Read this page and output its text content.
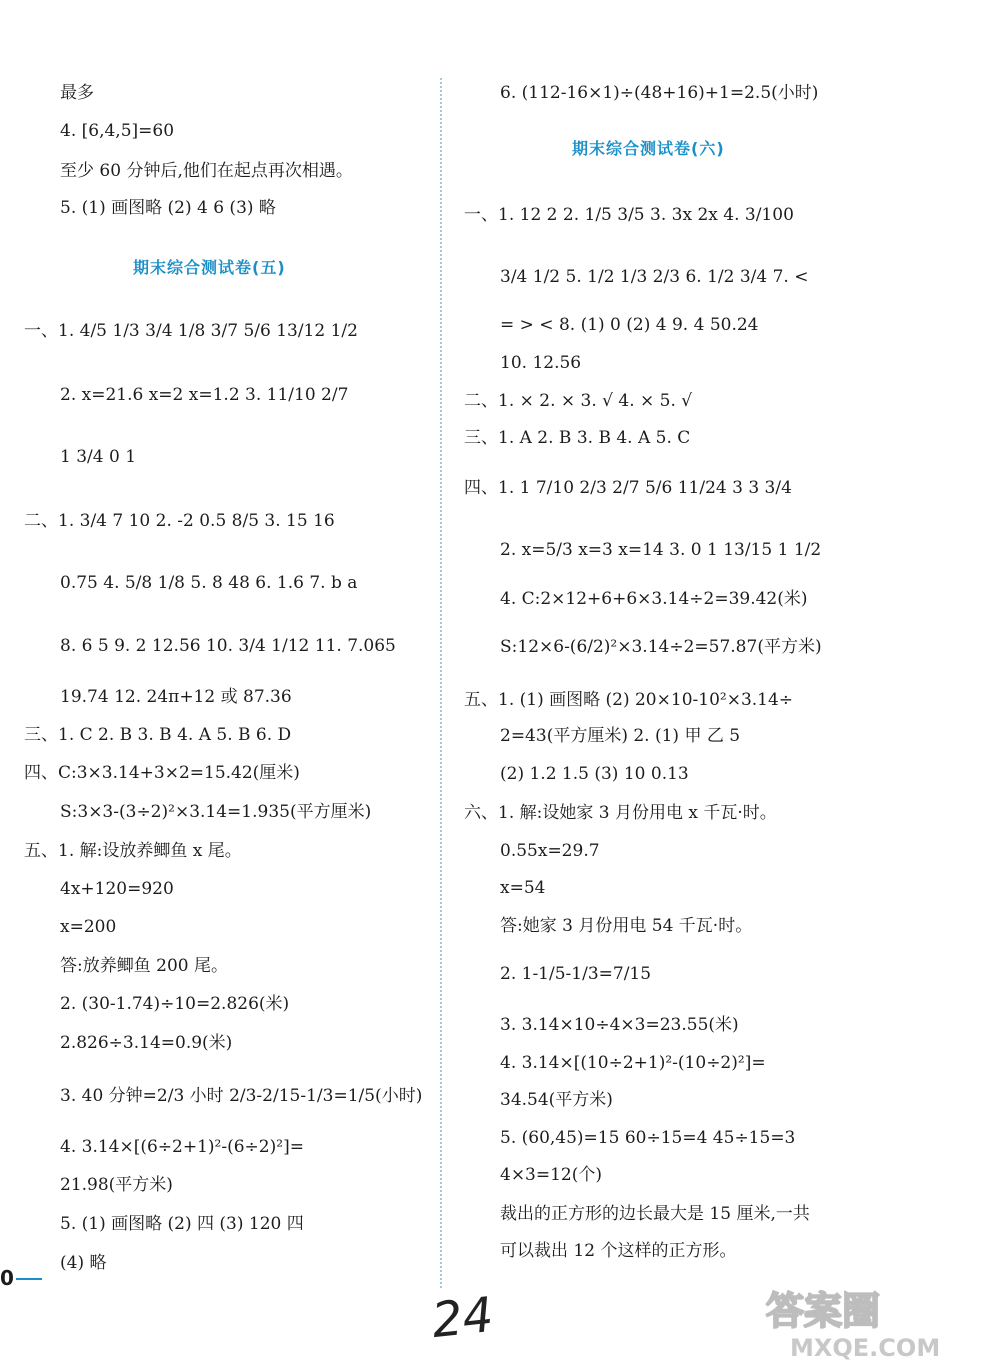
最多
4. [6,4,5]=60
至少 60 分钟后,他们在起点再次相遇。
5. (1) 画图略 (2) 4 6 (3) 略
期末综合测试卷(五)
一、1. 4/5 1/3 3/4 1/8 3/7 5/6 13/12 1/2
2. x=21.6 x=2 x=1.2 3. 11/10 2/7
1 3/4 0 1
二、1. 3/4 7 10 2. -2 0.5 8/5 3. 15 16
0.75 4. 5/8 1/8 5. 8 48 6. 1.6 7. b a
8. 6 5 9. 2 12.56 10. 3/4 1/12 11. 7.065
19.74 12. 24π+12 或 87.36
三、1. C 2. B 3. B 4. A 5. B 6. D
四、C:3×3.14+3×2=15.42(厘米)
S:3×3-(3÷2)²×3.14=1.935(平方厘米)
五、1. 解:设放养鲫鱼 x 尾。
4x+120=920
x=200
答:放养鲫鱼 200 尾。
2. (30-1.74)÷10=2.826(米)
2.826÷3.14=0.9(米)
3. 40 分钟=2/3 小时 2/3-2/15-1/3=1/5(小时)
4. 3.14×[(6÷2+1)²-(6÷2)²]=
21.98(平方米)
5. (1) 画图略 (2) 四 (3) 120 四
(4) 略
6. (112-16×1)÷(48+16)+1=2.5(小时)
期末综合测试卷(六)
一、1. 12 2 2. 1/5 3/5 3. 3x 2x 4. 3/100
3/4 1/2 5. 1/2 1/3 2/3 6. 1/2 3/4 7. <
= > < 8. (1) 0 (2) 4 9. 4 50.24
10. 12.56
二、1. × 2. × 3. √ 4. × 5. √
三、1. A 2. B 3. B 4. A 5. C
四、1. 1 7/10 2/3 2/7 5/6 11/24 3 3 3/4
2. x=5/3 x=3 x=14 3. 0 1 13/15 1 1/2
4. C:2×12+6+6×3.14÷2=39.42(米)
S:12×6-(6/2)²×3.14÷2=57.87(平方米)
五、1. (1) 画图略 (2) 20×10-10²×3.14÷
2=43(平方厘米) 2. (1) 甲 乙 5
(2) 1.2 1.5 (3) 10 0.13
六、1. 解:设她家 3 月份用电 x 千瓦·时。
0.55x=29.7
x=54
答:她家 3 月份用电 54 千瓦·时。
2. 1-1/5-1/3=7/15
3. 3.14×10÷4×3=23.55(米)
4. 3.14×[(10÷2+1)²-(10÷2)²]=
34.54(平方米)
5. (60,45)=15 60÷15=4 45÷15=3
4×3=12(个)
裁出的正方形的边长最大是 15 厘米,一共
可以裁出 12 个这样的正方形。
0
24	答案圈
MXQE.COM
